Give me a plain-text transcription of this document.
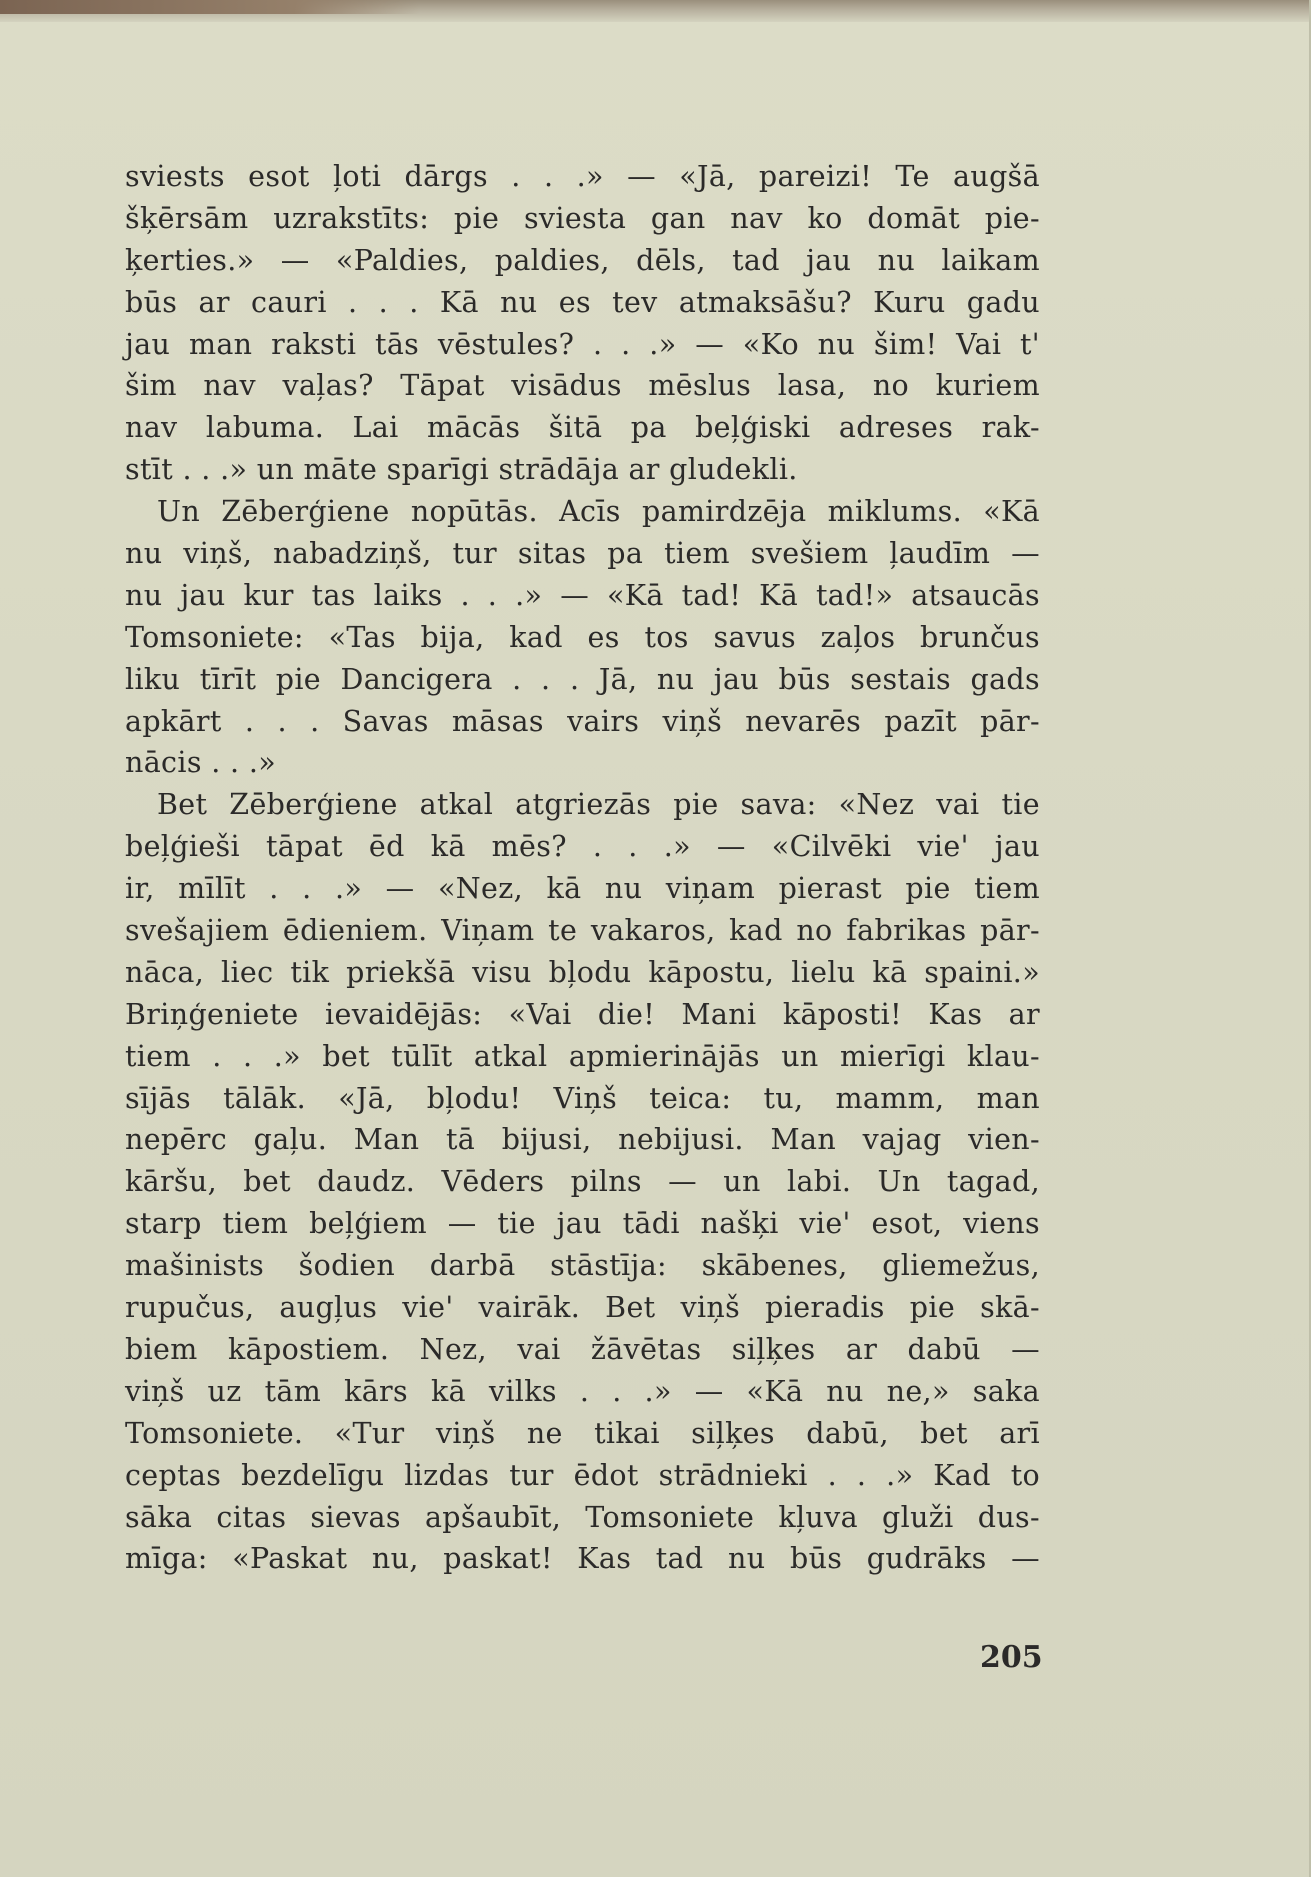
sviests esot ļoti dārgs . . .» — «Jā, pareizi! Te augšā
šķērsām uzrakstīts: pie sviesta gan nav ko domāt pie-
ķerties.» — «Paldies, paldies, dēls, tad jau nu laikam
būs ar cauri . . . Kā nu es tev atmaksāšu? Kuru gadu
jau man raksti tās vēstules? . . .» — «Ko nu šim! Vai t'
šim nav vaļas? Tāpat visādus mēslus lasa, no kuriem
nav labuma. Lai mācās šitā pa beļģiski adreses rak-
stīt . . .» un māte sparīgi strādāja ar gludekli.
Un Zēberģiene nopūtās. Acīs pamirdzēja miklums. «Kā
nu viņš, nabadziņš, tur sitas pa tiem svešiem ļaudīm —
nu jau kur tas laiks . . .» — «Kā tad! Kā tad!» atsaucās
Tomsoniete: «Tas bija, kad es tos savus zaļos brunčus
liku tīrīt pie Dancigera . . . Jā, nu jau būs sestais gads
apkārt . . . Savas māsas vairs viņš nevarēs pazīt pār-
nācis . . .»
Bet Zēberģiene atkal atgriezās pie sava: «Nez vai tie
beļģieši tāpat ēd kā mēs? . . .» — «Cilvēki vie' jau
ir, mīlīt . . .» — «Nez, kā nu viņam pierast pie tiem
svešajiem ēdieniem. Viņam te vakaros, kad no fabrikas pār-
nāca, liec tik priekšā visu bļodu kāpostu, lielu kā spaini.»
Briņģeniete ievaidējās: «Vai die! Mani kāposti! Kas ar
tiem . . .» bet tūlīt atkal apmierinājās un mierīgi klau-
sījās tālāk. «Jā, bļodu! Viņš teica: tu, mamm, man
nepērc gaļu. Man tā bijusi, nebijusi. Man vajag vien-
kāršu, bet daudz. Vēders pilns — un labi. Un tagad,
starp tiem beļģiem — tie jau tādi našķi vie' esot, viens
mašinists šodien darbā stāstīja: skābenes, gliemežus,
rupučus, augļus vie' vairāk. Bet viņš pieradis pie skā-
biem kāpostiem. Nez, vai žāvētas siļķes ar dabū —
viņš uz tām kārs kā vilks . . .» — «Kā nu ne,» saka
Tomsoniete. «Tur viņš ne tikai siļķes dabū, bet arī
ceptas bezdelīgu lizdas tur ēdot strādnieki . . .» Kad to
sāka citas sievas apšaubīt, Tomsoniete kļuva gluži dus-
mīga: «Paskat nu, paskat! Kas tad nu būs gudrāks —
205
